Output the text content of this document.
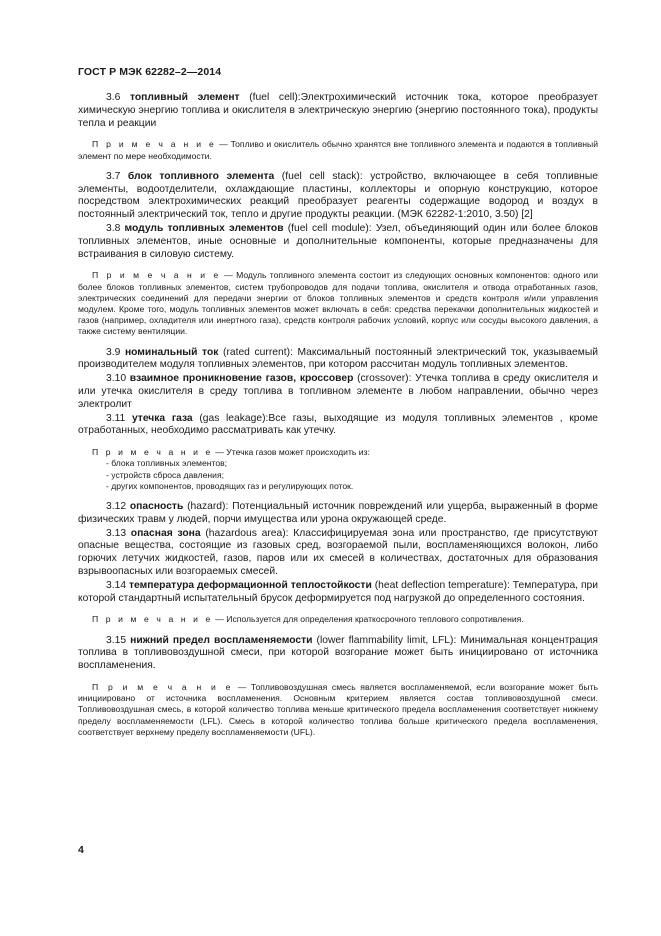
ГОСТ Р МЭК 62282–2—2014

3.6 топливный элемент (fuel cell):Электрохимический источник тока, которое преобразует химическую энергию топлива и окислителя в электрическую энергию (энергию постоянного тока), продукты тепла и реакции

П р и м е ч а н и е — Топливо и окислитель обычно хранятся вне топливного элемента и подаются в топливный элемент по мере необходимости.

3.7 блок топливного элемента (fuel cell stack): устройство, включающее в себя топливные элементы, водоотделители, охлаждающие пластины, коллекторы и опорную конструкцию, которое посредством электрохимических реакций преобразует реагенты содержащие водород и воздух в постоянный электрический ток, тепло и другие продукты реакции. (МЭК 62282-1:2010, 3.50) [2]

3.8 модуль топливных элементов (fuel cell module): Узел, объединяющий один или более блоков топливных элементов, иные основные и дополнительные компоненты, которые предназначены для встраивания в силовую систему.

П р и м е ч а н и е — Модуль топливного элемента состоит из следующих основных компонентов: одного или более блоков топливных элементов, систем трубопроводов для подачи топлива, окислителя и отвода отработанных газов, электрических соединений для передачи энергии от блоков топливных элементов и средств контроля и/или управления модулем. Кроме того, модуль топливных элементов может включать в себя: средства перекачки дополнительных жидкостей и газов (например, охладителя или инертного газа), средств контроля рабочих условий, корпус или сосуды высокого давления, а также систему вентиляции.

3.9 номинальный ток (rated current): Максимальный постоянный электрический ток, указываемый производителем модуля топливных элементов, при котором рассчитан модуль топливных элементов.

3.10 взаимное проникновение газов, кроссовер (crossover): Утечка топлива в среду окислителя и или утечка окислителя в среду топлива в топливном элементе в любом направлении, обычно через электролит

3.11 утечка газа (gas leakage):Все газы, выходящие из модуля топливных элементов , кроме отработанных, необходимо рассматривать как утечку.

П р и м е ч а н и е — Утечка газов может происходить из:
- блока топливных элементов;
- устройств сброса давления;
- других компонентов, проводящих газ и регулирующих поток.

3.12 опасность (hazard): Потенциальный источник повреждений или ущерба, выраженный в форме физических травм у людей, порчи имущества или урона окружающей среде.

3.13 опасная зона (hazardous area): Классифицируемая зона или пространство, где присутствуют опасные вещества, состоящие из газовых сред, возгораемой пыли, воспламеняющихся волокон, либо горючих летучих жидкостей, газов, паров или их смесей в количествах, достаточных для образования взрывоопасных или возгораемых смесей.

3.14 температура деформационной теплостойкости (heat deflection temperature): Температура, при которой стандартный испытательный брусок деформируется под нагрузкой до определенного состояния.

П р и м е ч а н и е — Используется для определения краткосрочного теплового сопротивления.

3.15 нижний предел воспламеняемости (lower flammability limit, LFL): Минимальная концентрация топлива в топливовоздушной смеси, при которой возгорание может быть инициировано от источника воспламенения.

П р и м е ч а н и е — Топливовоздушная смесь является воспламеняемой, если возгорание может быть инициировано от источника воспламенения. Основным критерием является состав топливовоздушной смеси. Топливовоздушная смесь, в которой количество топлива меньше критического предела воспламенения соответствует нижнему пределу воспламеняемости (LFL). Смесь в которой количество топлива больше критического предела воспламенения, соответствует верхнему пределу воспламеняемости (UFL).

4
